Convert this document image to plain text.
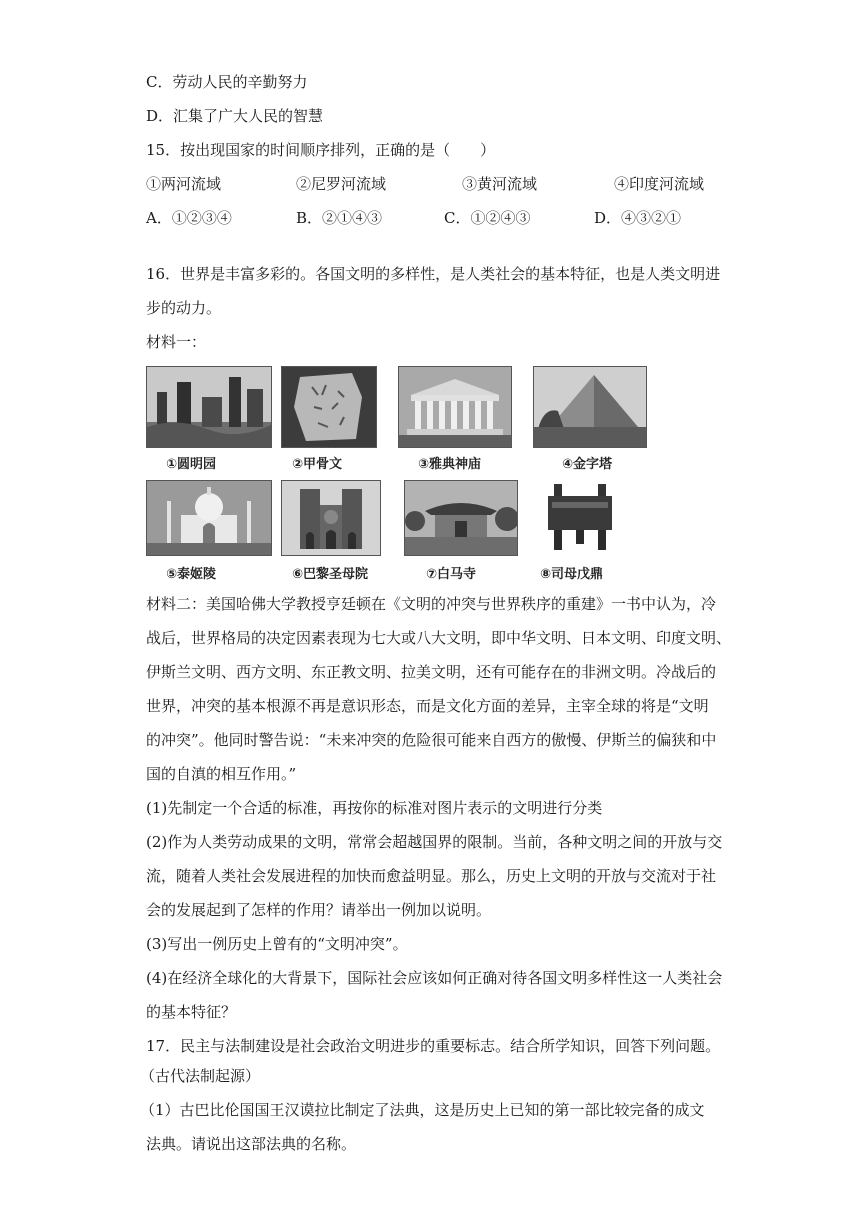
C．劳动人民的辛勤努力
D．汇集了广大人民的智慧
15．按出现国家的时间顺序排列，正确的是（　　）
①两河流域	②尼罗河流域	③黄河流域	④印度河流域
A．①②③④	B．②①④③	C．①②④③	D．④③②①
16．世界是丰富多彩的。各国文明的多样性，是人类社会的基本特征，也是人类文明进
步的动力。
材料一：
①圆明园	②甲骨文	③雅典神庙	④金字塔
⑤泰姬陵	⑥巴黎圣母院	⑦白马寺	⑧司母戊鼎
材料二：美国哈佛大学教授亨廷顿在《文明的冲突与世界秩序的重建》一书中认为，冷
战后，世界格局的决定因素表现为七大或八大文明，即中华文明、日本文明、印度文明、
伊斯兰文明、西方文明、东正教文明、拉美文明，还有可能存在的非洲文明。冷战后的
世界，冲突的基本根源不再是意识形态，而是文化方面的差异，主宰全球的将是“文明
的冲突”。他同时警告说：“未来冲突的危险很可能来自西方的傲慢、伊斯兰的偏狭和中
国的自滇的相互作用。”
(1)先制定一个合适的标准，再按你的标准对图片表示的文明进行分类
(2)作为人类劳动成果的文明，常常会超越国界的限制。当前，各种文明之间的开放与交
流，随着人类社会发展进程的加快而愈益明显。那么，历史上文明的开放与交流对于社
会的发展起到了怎样的作用？请举出一例加以说明。
(3)写出一例历史上曾有的“文明冲突”。
(4)在经济全球化的大背景下，国际社会应该如何正确对待各国文明多样性这一人类社会
的基本特征？
17．民主与法制建设是社会政治文明进步的重要标志。结合所学知识，回答下列问题。
（古代法制起源）
（1）古巴比伦国国王汉谟拉比制定了法典，这是历史上已知的第一部比较完备的成文
法典。请说出这部法典的名称。
